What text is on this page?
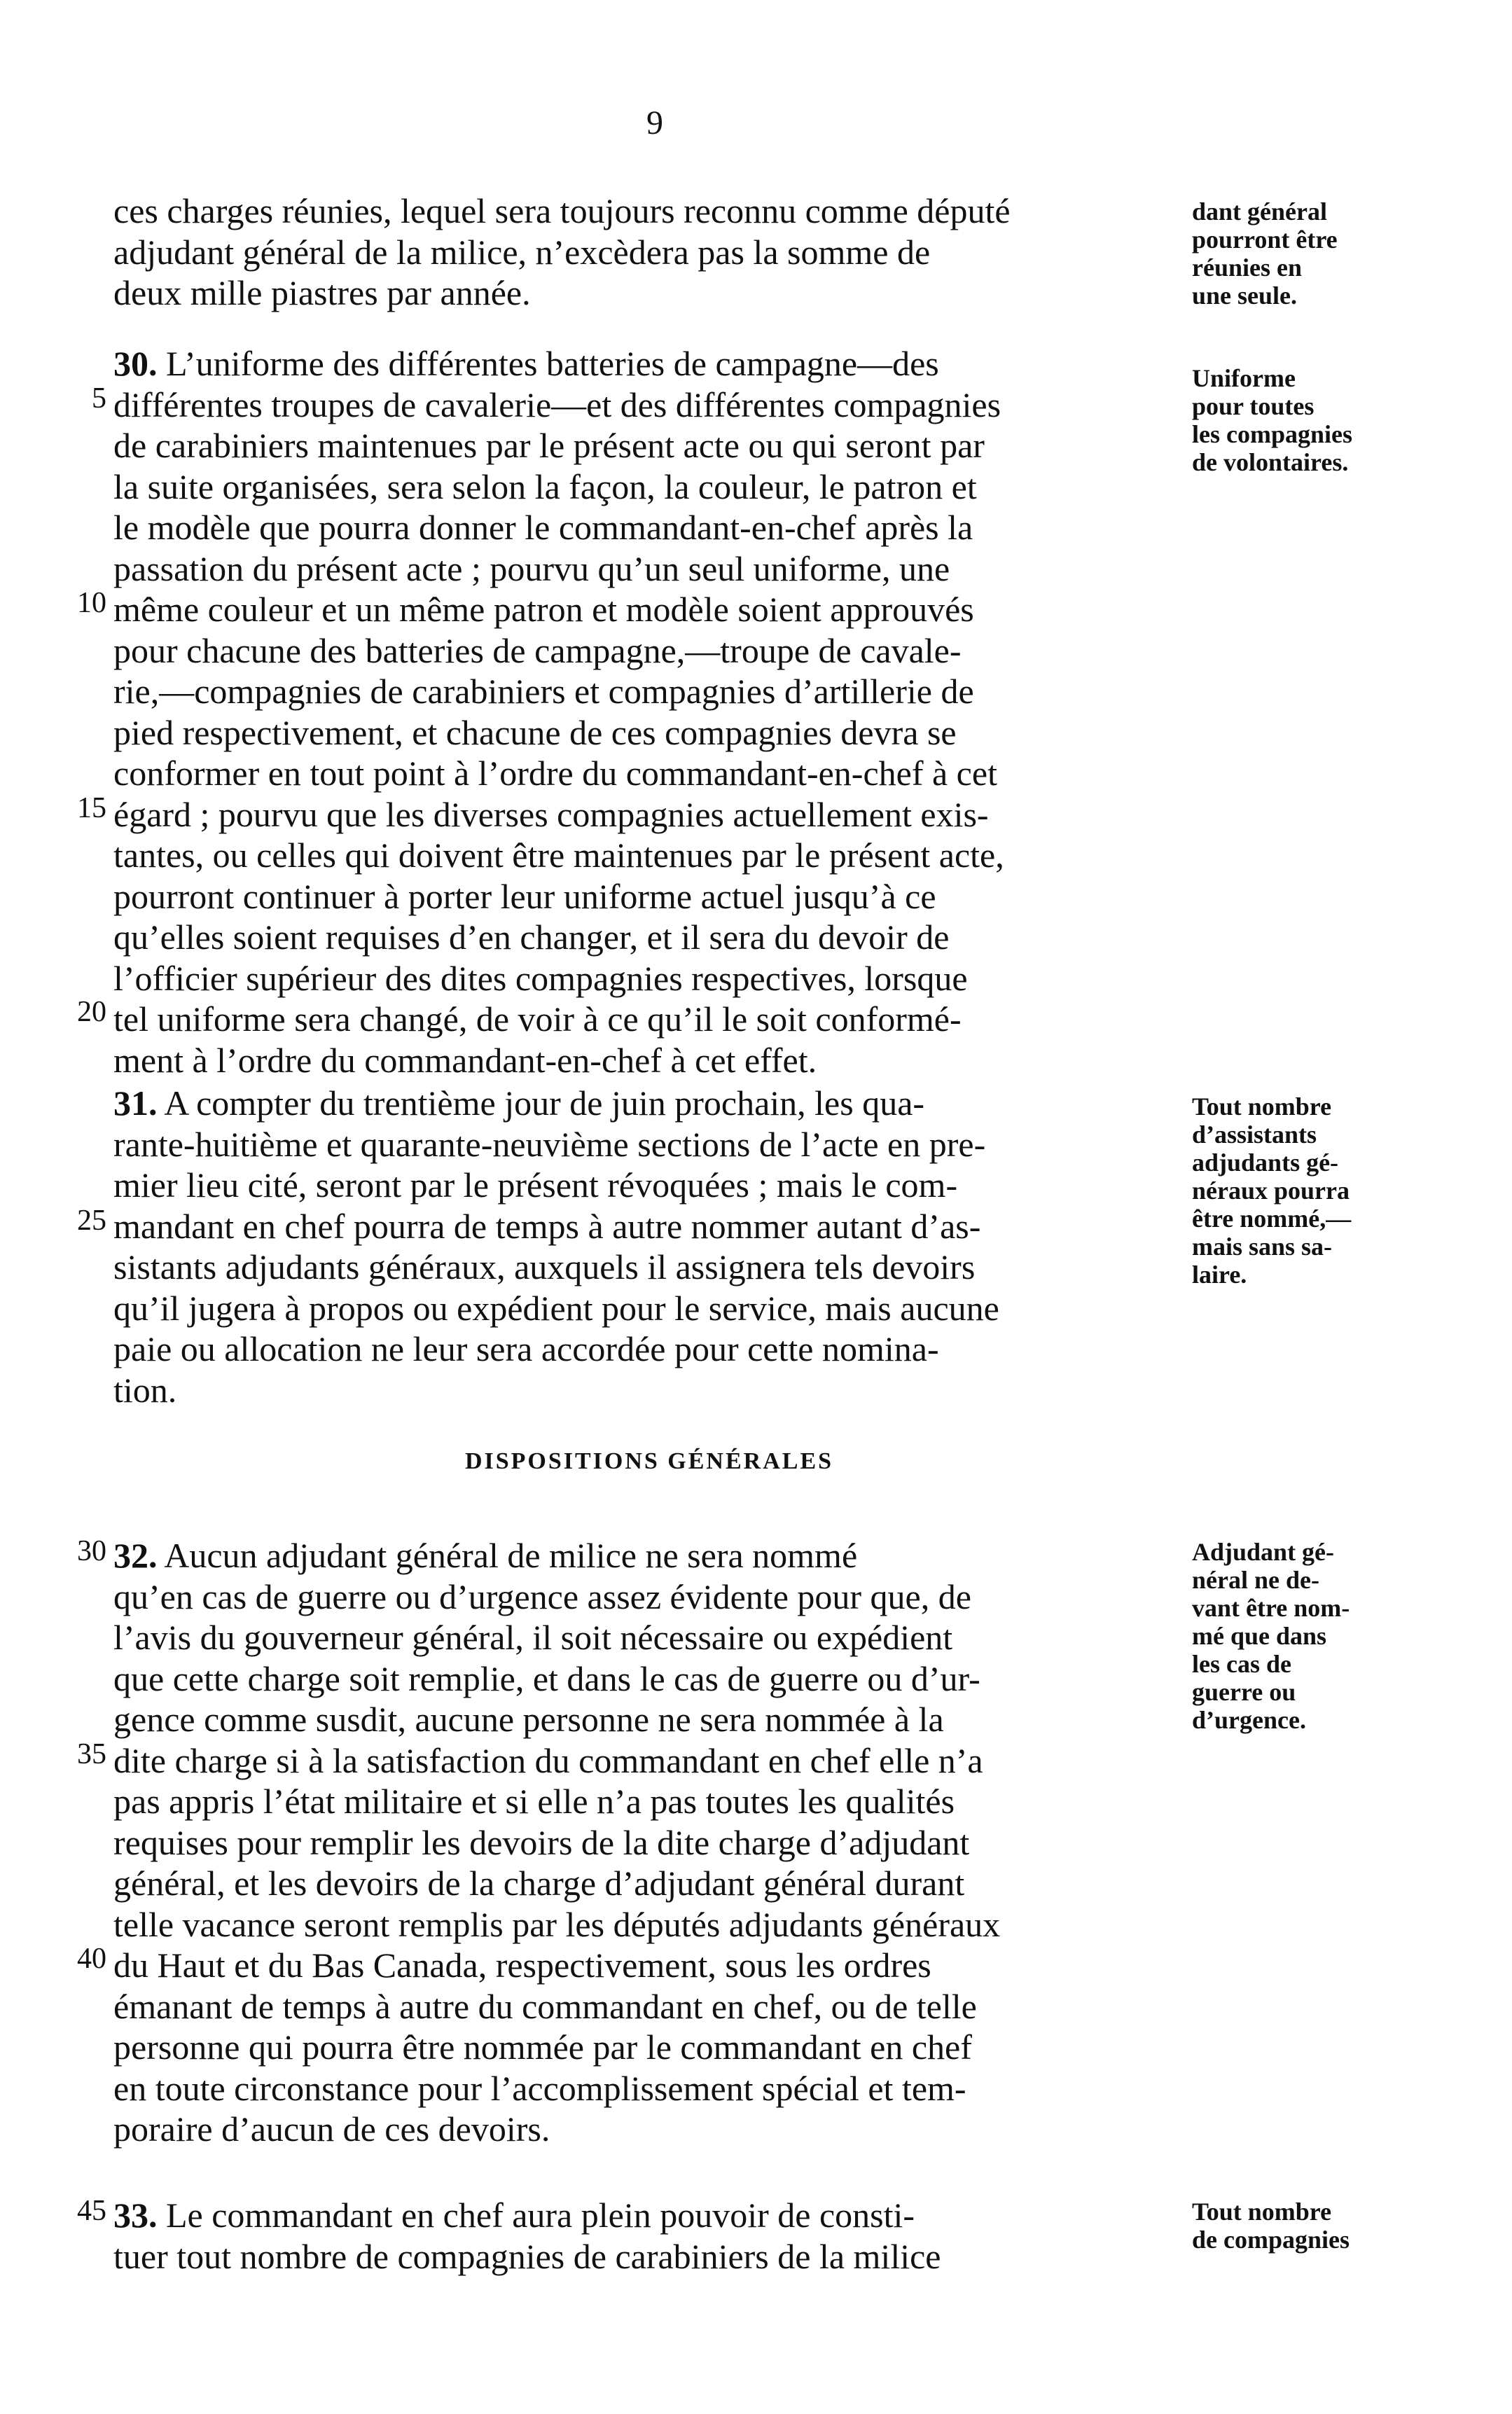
9
5
10
15
20
25
30
35
40
45

ces charges réunies, lequel sera toujours reconnu comme député
adjudant général de la milice, n’excèdera pas la somme de
deux mille piastres par année.

30. L’uniforme des différentes batteries de campagne—des
différentes troupes de cavalerie—et des différentes compagnies
de carabiniers maintenues par le présent acte ou qui seront par
la suite organisées, sera selon la façon, la couleur, le patron et
le modèle que pourra donner le commandant-en-chef après la
passation du présent acte ; pourvu qu’un seul uniforme, une
même couleur et un même patron et modèle soient approuvés
pour chacune des batteries de campagne,—troupe de cavale-
rie,—compagnies de carabiniers et compagnies d’artillerie de
pied respectivement, et chacune de ces compagnies devra se
conformer en tout point à l’ordre du commandant-en-chef à cet
égard ; pourvu que les diverses compagnies actuellement exis-
tantes, ou celles qui doivent être maintenues par le présent acte,
pourront continuer à porter leur uniforme actuel jusqu’à ce
qu’elles soient requises d’en changer, et il sera du devoir de
l’officier supérieur des dites compagnies respectives, lorsque
tel uniforme sera changé, de voir à ce qu’il le soit conformé-
ment à l’ordre du commandant-en-chef à cet effet.

31. A compter du trentième jour de juin prochain, les qua-
rante-huitième et quarante-neuvième sections de l’acte en pre-
mier lieu cité, seront par le présent révoquées ; mais le com-
mandant en chef pourra de temps à autre nommer autant d’as-
sistants adjudants généraux, auxquels il assignera tels devoirs
qu’il jugera à propos ou expédient pour le service, mais aucune
paie ou allocation ne leur sera accordée pour cette nomina-
tion.

DISPOSITIONS GÉNÉRALES

32. Aucun adjudant général de milice ne sera nommé
qu’en cas de guerre ou d’urgence assez évidente pour que, de
l’avis du gouverneur général, il soit nécessaire ou expédient
que cette charge soit remplie, et dans le cas de guerre ou d’ur-
gence comme susdit, aucune personne ne sera nommée à la
dite charge si à la satisfaction du commandant en chef elle n’a
pas appris l’état militaire et si elle n’a pas toutes les qualités
requises pour remplir les devoirs de la dite charge d’adjudant
général, et les devoirs de la charge d’adjudant général durant
telle vacance seront remplis par les députés adjudants généraux
du Haut et du Bas Canada, respectivement, sous les ordres
émanant de temps à autre du commandant en chef, ou de telle
personne qui pourra être nommée par le commandant en chef
en toute circonstance pour l’accomplissement spécial et tem-
poraire d’aucun de ces devoirs.

33. Le commandant en chef aura plein pouvoir de consti-
tuer tout nombre de compagnies de carabiniers de la milice

dant général
pourront être
réunies en
une seule.
Uniforme
pour toutes
les compagnies
de volontaires.
Tout nombre
d’assistants
adjudants gé-
néraux pourra
être nommé,—
mais sans sa-
laire.
Adjudant gé-
néral ne de-
vant être nom-
mé que dans
les cas de
guerre ou
d’urgence.
Tout nombre
de compagnies
